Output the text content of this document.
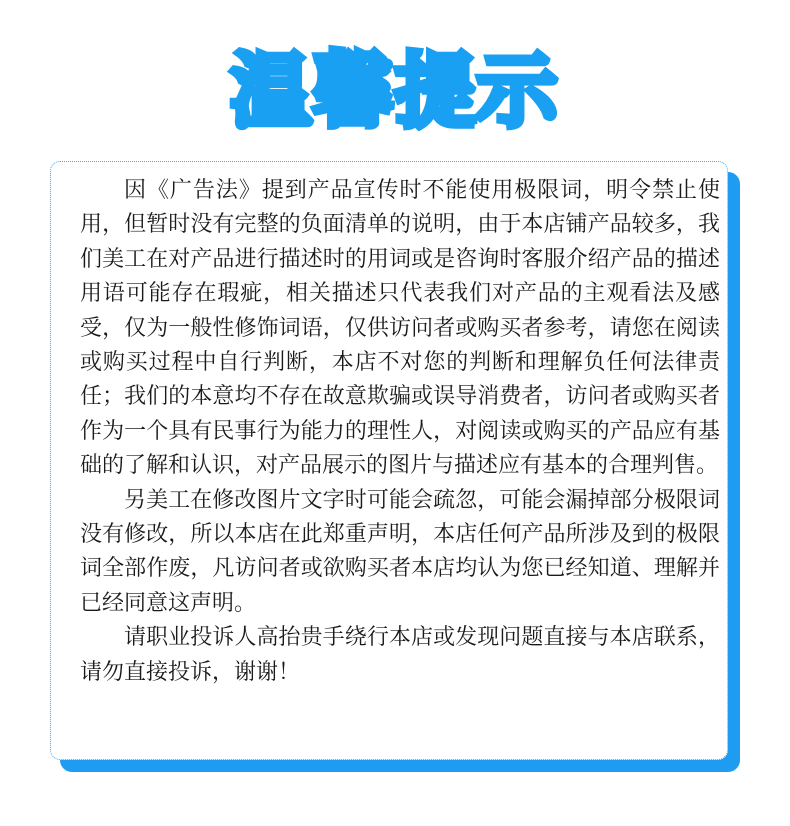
温馨提示

因《广告法》提到产品宣传时不能使用极限词，明令禁止使用，但暂时没有完整的负面清单的说明，由于本店铺产品较多，我们美工在对产品进行描述时的用词或是咨询时客服介绍产品的描述用语可能存在瑕疵，相关描述只代表我们对产品的主观看法及感受，仅为一般性修饰词语，仅供访问者或购买者参考，请您在阅读或购买过程中自行判断，本店不对您的判断和理解负任何法律责任；我们的本意均不存在故意欺骗或误导消费者，访问者或购买者作为一个具有民事行为能力的理性人，对阅读或购买的产品应有基础的了解和认识，对产品展示的图片与描述应有基本的合理判售。

另美工在修改图片文字时可能会疏忽，可能会漏掉部分极限词没有修改，所以本店在此郑重声明，本店任何产品所涉及到的极限词全部作废，凡访问者或欲购买者本店均认为您已经知道、理解并已经同意这声明。

请职业投诉人高抬贵手绕行本店或发现问题直接与本店联系，请勿直接投诉，谢谢！
